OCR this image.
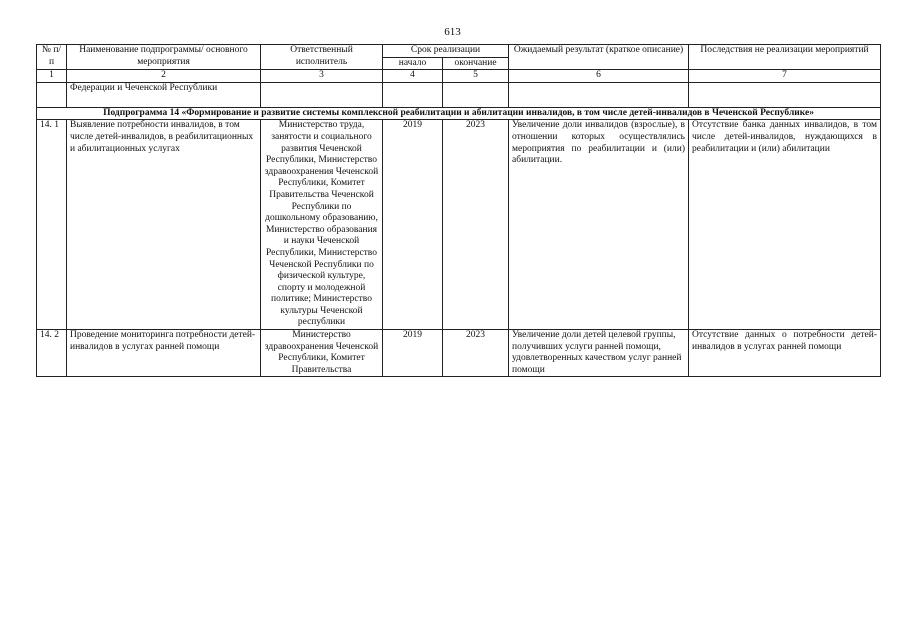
613
№ п/п	Наименование подпрограммы/ основного мероприятия	Ответственный исполнитель	Срок реализации		Ожидаемый результат (краткое описание)	Последствия не реализации мероприятий
			начало	окончание		
1	2	3	4	5	6	7
	Федерации и Чеченской Республики					
Подпрограмма 14 «Формирование и развитие системы комплексной реабилитации и абилитации инвалидов, в том числе детей-инвалидов в Чеченской Республике»						
14. 1	Выявление потребности инвалидов, в том числе детей-инвалидов, в реабилитационных и абилитационных услугах	Министерство труда, занятости и социального развития Чеченской Республики, Министерство здравоохранения Чеченской Республики, Комитет Правительства Чеченской Республики по дошкольному образованию, Министерство образования и науки Чеченской Республики, Министерство Чеченской Республики по физической культуре, спорту и молодежной политике; Министерство культуры Чеченской республики	2019	2023	Увеличение доли инвалидов (взрослые), в отношении которых осуществлялись мероприятия по реабилитации и (или) абилитации.	Отсутствие банка данных инвалидов, в том числе детей-инвалидов, нуждающихся в реабилитации и (или) абилитации
14. 2	Проведение мониторинга потребности детей- инвалидов в услугах ранней помощи	Министерство здравоохранения Чеченской Республики, Комитет Правительства	2019	2023	Увеличение доли детей целевой группы, получивших услуги ранней помощи, удовлетворенных качеством услуг ранней помощи	Отсутствие данных о потребности детей- инвалидов в услугах ранней помощи
